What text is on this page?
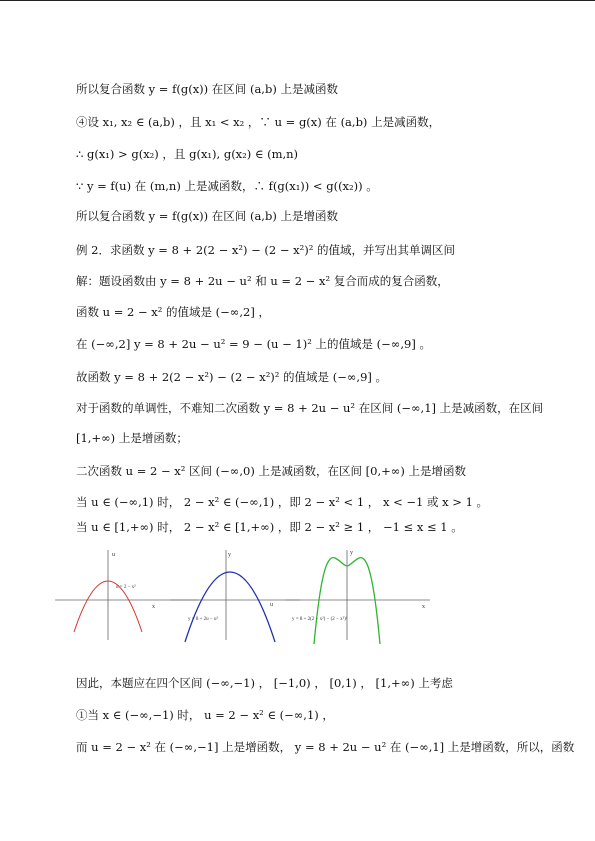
所以复合函数 y = f(g(x)) 在区间 (a,b) 上是减函数
④设 x₁, x₂ ∈ (a,b) ，且 x₁ < x₂ ，∵ u = g(x) 在 (a,b) 上是减函数，
∴ g(x₁) > g(x₂) ，且 g(x₁), g(x₂) ∈ (m,n)
∵ y = f(u) 在 (m,n) 上是减函数，∴ f(g(x₁)) < g((x₂)) 。
所以复合函数 y = f(g(x)) 在区间 (a,b) 上是增函数
例 2．求函数 y = 8 + 2(2 − x²) − (2 − x²)² 的值域，并写出其单调区间
解：题设函数由 y = 8 + 2u − u² 和 u = 2 − x² 复合而成的复合函数，
函数 u = 2 − x² 的值域是 (−∞,2] ，
在 (−∞,2] y = 8 + 2u − u² = 9 − (u − 1)² 上的值域是 (−∞,9] 。
故函数 y = 8 + 2(2 − x²) − (2 − x²)² 的值域是 (−∞,9] 。
对于函数的单调性，不难知二次函数 y = 8 + 2u − u² 在区间 (−∞,1] 上是减函数，在区间
[1,+∞) 上是增函数；
二次函数 u = 2 − x² 区间 (−∞,0) 上是减函数，在区间 [0,+∞) 上是增函数
当 u ∈ (−∞,1) 时， 2 − x² ∈ (−∞,1) ，即 2 − x² < 1 ， x < −1 或 x > 1 。
当 u ∈ [1,+∞) 时， 2 − x² ∈ [1,+∞) ，即 2 − x² ≥ 1 ， −1 ≤ x ≤ 1 。
u
x
u = 2 − x²
y
u
y = 8 + 2u − u²
y
x
y = 8 + 2(2 − x²) − (2 − x²)²
因此，本题应在四个区间 (−∞,−1) ， [−1,0) ， [0,1) ， [1,+∞) 上考虑
①当 x ∈ (−∞,−1) 时， u = 2 − x² ∈ (−∞,1) ，
而 u = 2 − x² 在 (−∞,−1] 上是增函数， y = 8 + 2u − u² 在 (−∞,1] 上是增函数，所以，函数
